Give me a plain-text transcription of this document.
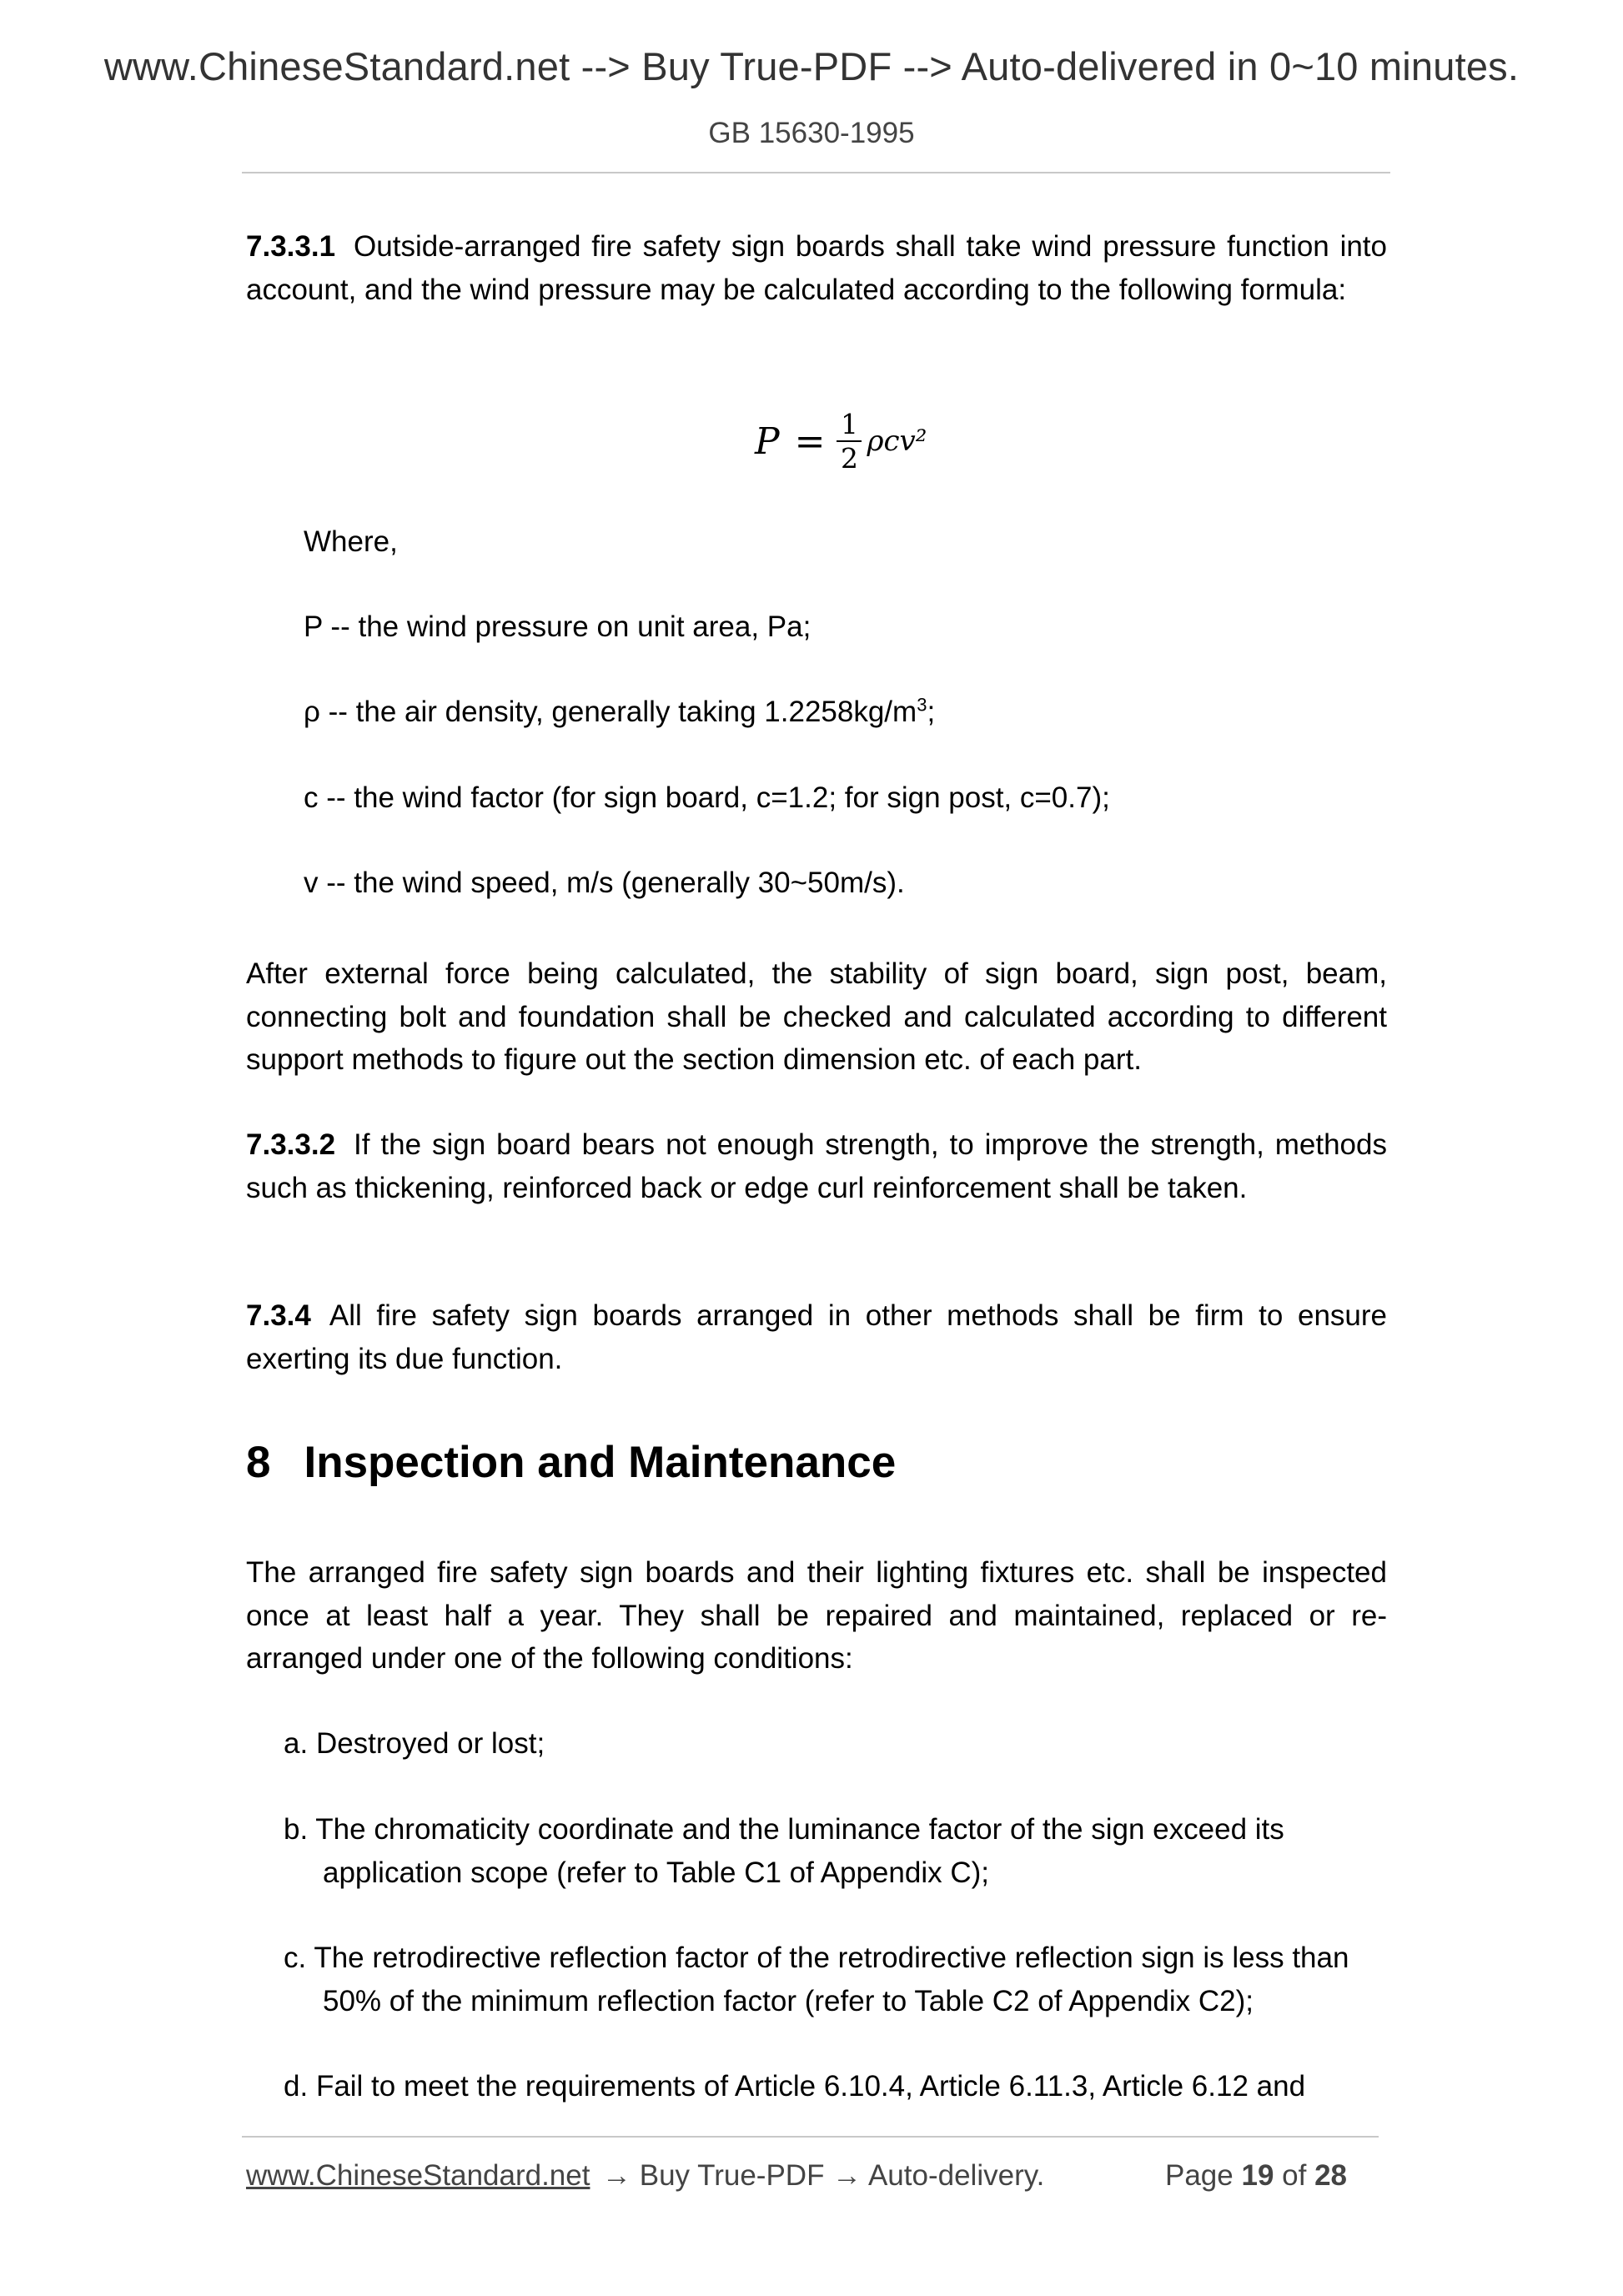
www.ChineseStandard.net --> Buy True-PDF --> Auto-delivered in 0~10 minutes.
GB 15630-1995
7.3.3.1 Outside-arranged fire safety sign boards shall take wind pressure function into account, and the wind pressure may be calculated according to the following formula:
$P = \frac{1}{2} \rho cv^2$
Where,
P -- the wind pressure on unit area, Pa;
ρ -- the air density, generally taking $1.2258kg/m^3$;
c -- the wind factor (for sign board, c=1.2; for sign post, c=0.7);
v -- the wind speed, m/s (generally 30~50m/s).
After external force being calculated, the stability of sign board, sign post, beam, connecting bolt and foundation shall be checked and calculated according to different support methods to figure out the section dimension etc. of each part.
7.3.3.2 If the sign board bears not enough strength, to improve the strength, methods such as thickening, reinforced back or edge curl reinforcement shall be taken.
7.3.4 All fire safety sign boards arranged in other methods shall be firm to ensure exerting its due function.
8 Inspection and Maintenance
The arranged fire safety sign boards and their lighting fixtures etc. shall be inspected once at least half a year. They shall be repaired and maintained, replaced or re-arranged under one of the following conditions:
a. Destroyed or lost;
b. The chromaticity coordinate and the luminance factor of the sign exceed its
application scope (refer to Table C1 of Appendix C);
c. The retrodirective reflection factor of the retrodirective reflection sign is less than
50% of the minimum reflection factor (refer to Table C2 of Appendix C2);
d. Fail to meet the requirements of Article 6.10.4, Article 6.11.3, Article 6.12 and
www.ChineseStandard.net → Buy True-PDF → Auto-delivery.	Page 19 of 28
